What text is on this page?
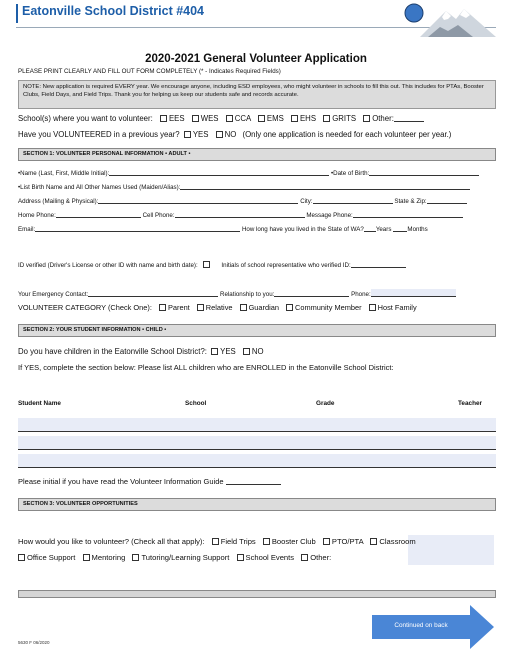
Eatonville School District #404
2020-2021 General Volunteer Application
PLEASE PRINT CLEARLY AND FILL OUT FORM COMPLETELY (* - Indicates Required Fields)
NOTE: New application is required EVERY year. We encourage anyone, including ESD employees, who might volunteer in schools to fill this out. This includes for PTAs, Booster Clubs, Field Days, and Field Trips. Thank you for helping us keep our students safe and records accurate.
School(s) where you want to volunteer: EES WES CCA EMS EHS GRITS Other:
Have you VOLUNTEERED in a previous year? YES NO (Only one application is needed for each volunteer per year.)
SECTION 1: VOLUNTEER PERSONAL INFORMATION • ADULT •
•Name (Last, First, Middle Initial):	•Date of Birth:
•List Birth Name and All Other Names Used (Maiden/Alias):
Address (Mailing & Physical):	City:	State & Zip:
Home Phone:	Cell Phone:	Message Phone:
Email:	How long have you lived in the State of WA? Years	Months
ID verified (Driver's License or other ID with name and birth date):	Initials of school representative who verified ID:
Your Emergency Contact:	Relationship to you:	Phone:
VOLUNTEER CATEGORY (Check One): Parent Relative Guardian Community Member Host Family
SECTION 2: YOUR STUDENT INFORMATION • CHILD •
Do you have children in the Eatonville School District?: YES NO
If YES, complete the section below: Please list ALL children who are ENROLLED in the Eatonville School District:
Student Name	School	Grade	Teacher
Please initial if you have read the Volunteer Information Guide
SECTION 3: VOLUNTEER OPPORTUNITIES
How would you like to volunteer? (Check all that apply): Field Trips Booster Club PTO/PTA Classroom
Office Support Mentoring Tutoring/Learning Support School Events Other:
Continued on back
5630 F 06/2020
